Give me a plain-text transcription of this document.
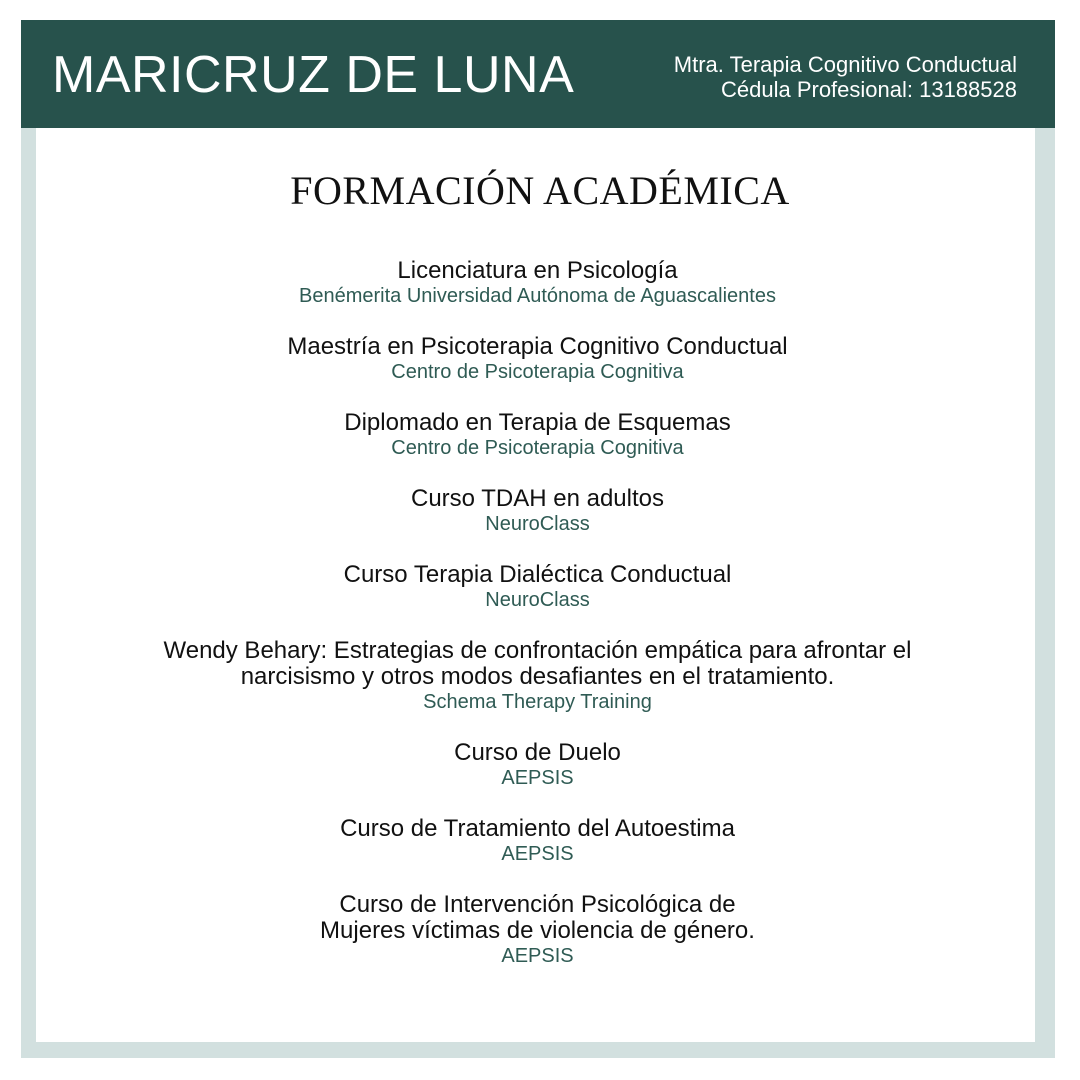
MARICRUZ DE LUNA	Mtra. Terapia Cognitivo Conductual
Cédula Profesional: 13188528
FORMACIÓN ACADÉMICA
Licenciatura en Psicología
Benémerita Universidad Autónoma de Aguascalientes
Maestría en Psicoterapia Cognitivo Conductual
Centro de Psicoterapia Cognitiva
Diplomado en Terapia de Esquemas
Centro de Psicoterapia Cognitiva
Curso TDAH en adultos
NeuroClass
Curso Terapia Dialéctica Conductual
NeuroClass
Wendy Behary: Estrategias de confrontación empática para afrontar el
narcisismo y otros modos desafiantes en el tratamiento.
Schema Therapy Training
Curso de Duelo
AEPSIS
Curso de Tratamiento del Autoestima
AEPSIS
Curso de Intervención Psicológica de
Mujeres víctimas de violencia de género.
AEPSIS
